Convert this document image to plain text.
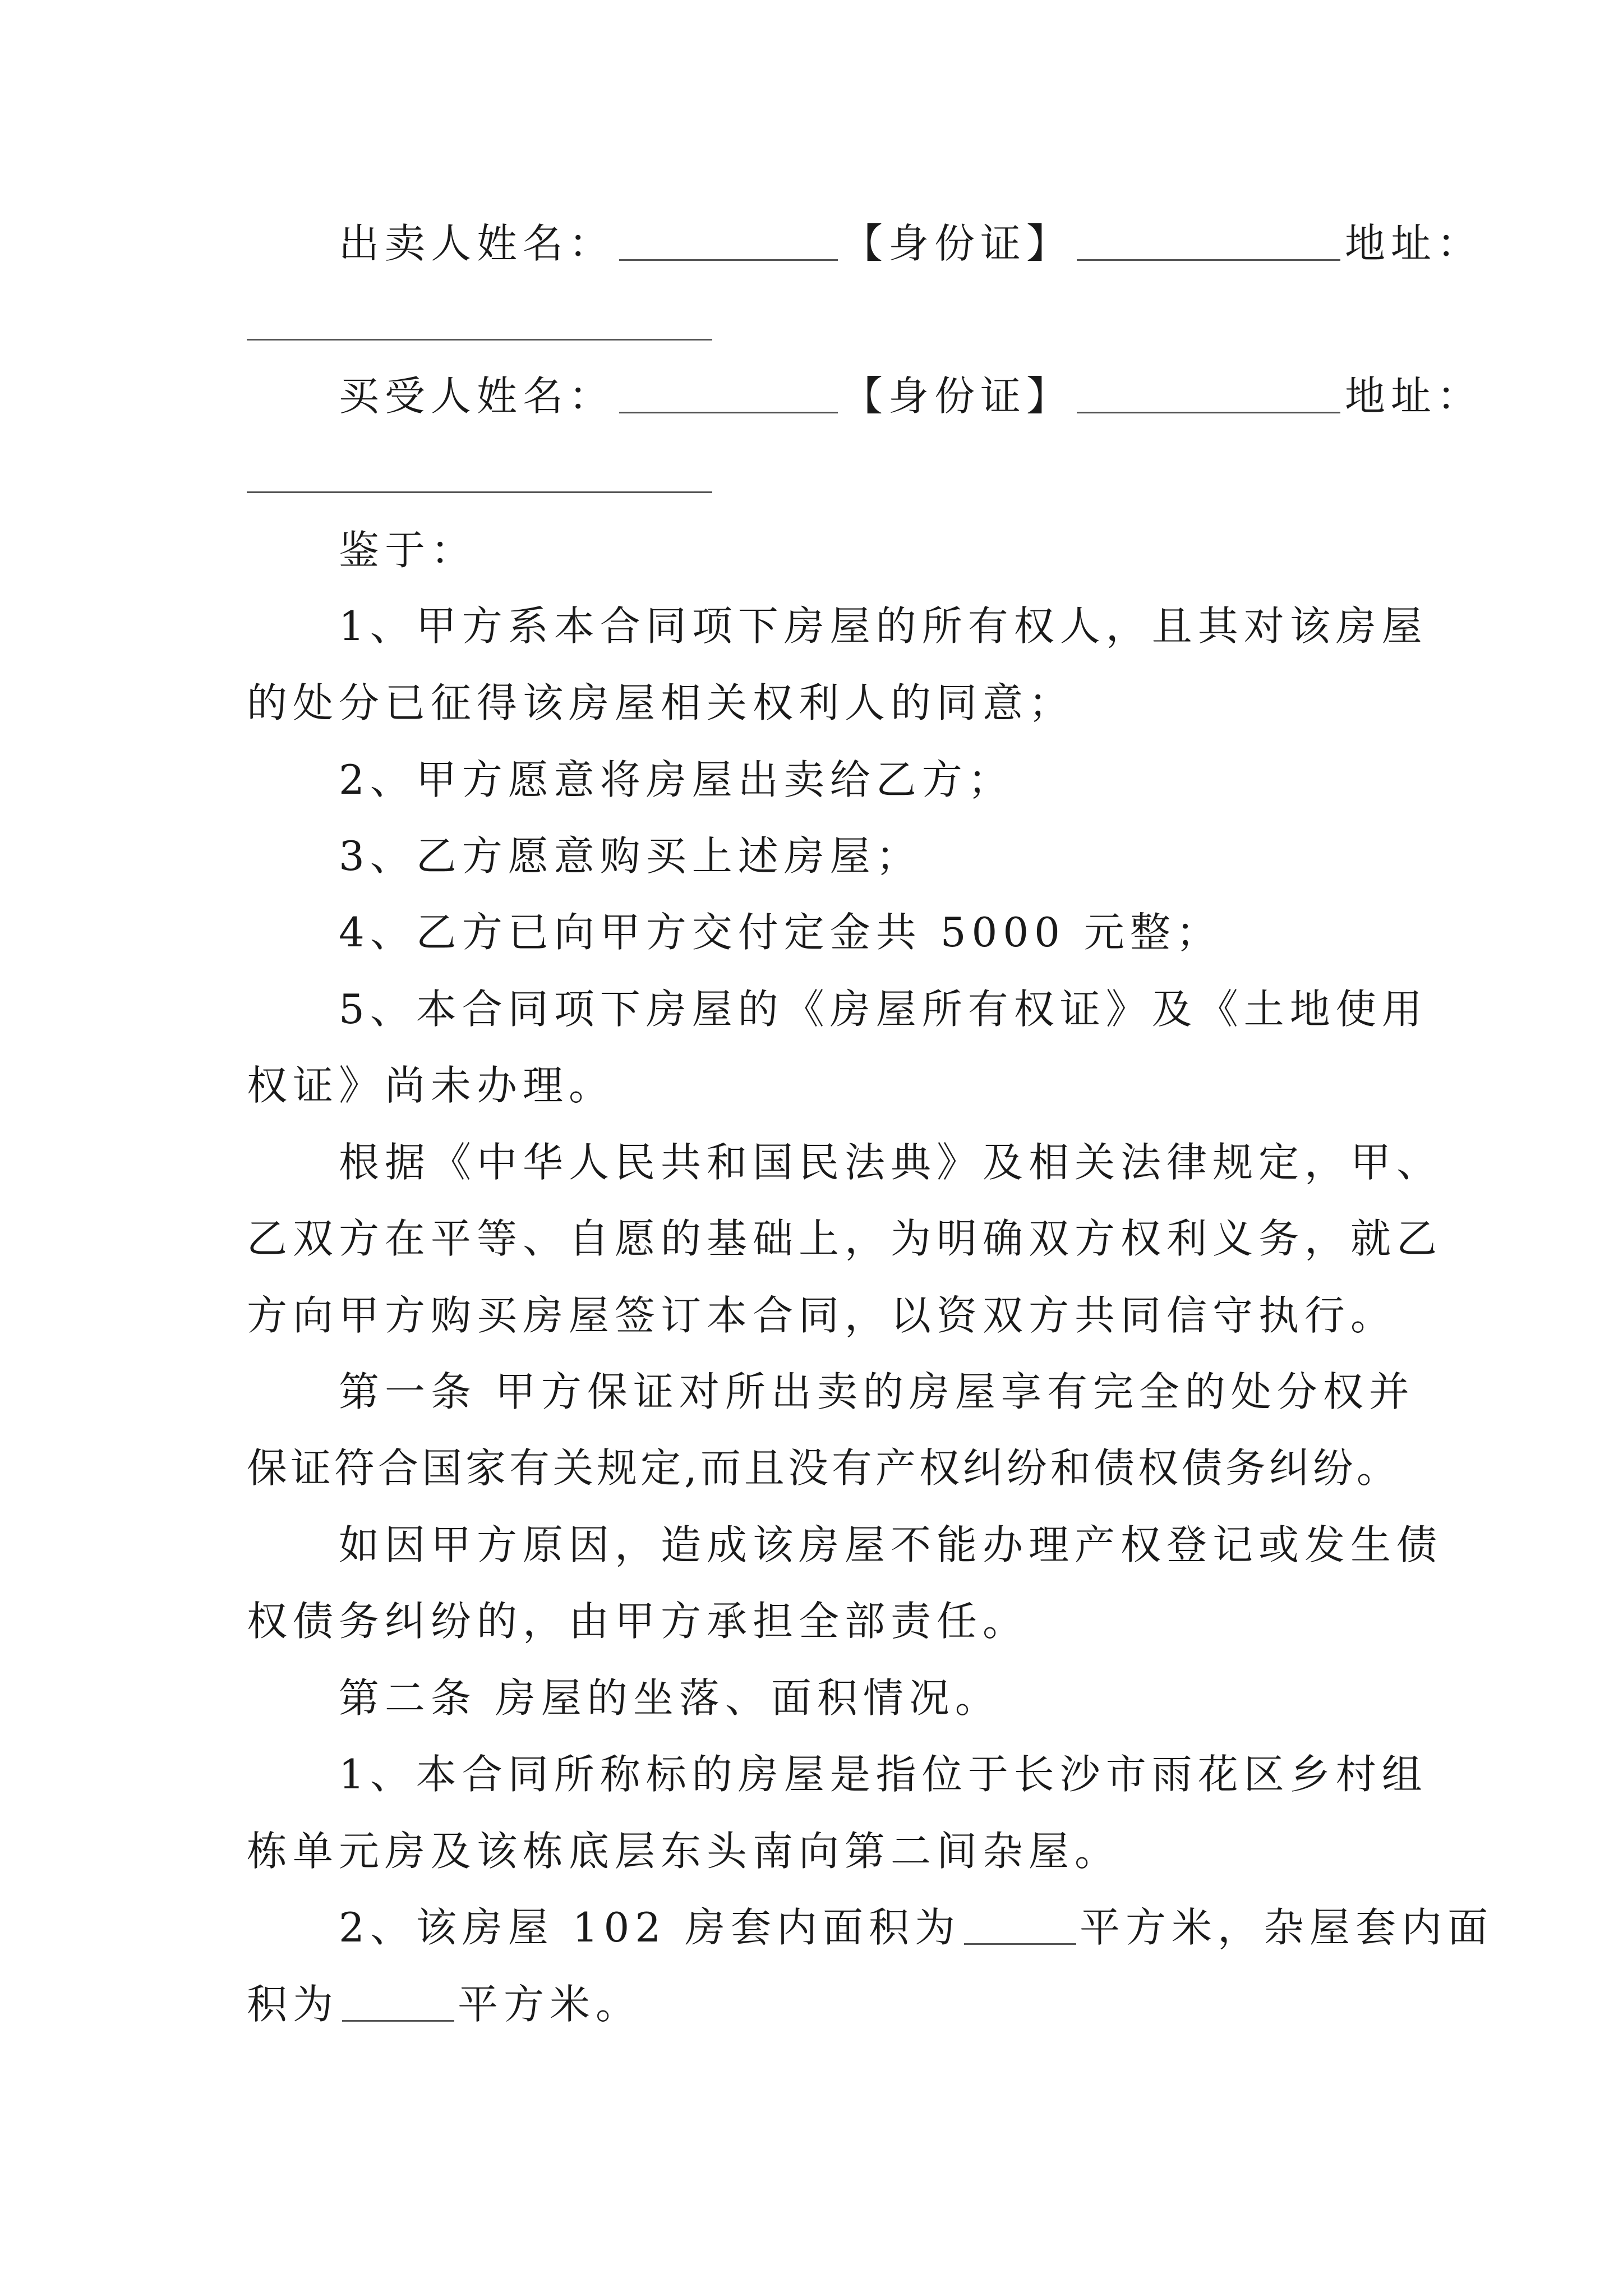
出卖人姓名：	【身份证】	地址：
买受人姓名：	【身份证】	地址：
鉴于：
1、甲方系本合同项下房屋的所有权人，且其对该房屋
的处分已征得该房屋相关权利人的同意；
2、甲方愿意将房屋出卖给乙方；
3、乙方愿意购买上述房屋；
4、乙方已向甲方交付定金共 5000 元整；
5、本合同项下房屋的《房屋所有权证》及《土地使用
权证》尚未办理。
根据《中华人民共和国民法典》及相关法律规定，甲、
乙双方在平等、自愿的基础上，为明确双方权利义务，就乙
方向甲方购买房屋签订本合同，以资双方共同信守执行。
第一条 甲方保证对所出卖的房屋享有完全的处分权并
保证符合国家有关规定,而且没有产权纠纷和债权债务纠纷。
如因甲方原因，造成该房屋不能办理产权登记或发生债
权债务纠纷的，由甲方承担全部责任。
第二条 房屋的坐落、面积情况。
1、本合同所称标的房屋是指位于长沙市雨花区乡村组
栋单元房及该栋底层东头南向第二间杂屋。
2、该房屋 102 房套内面积为	平方米，杂屋套内面
积为	平方米。
